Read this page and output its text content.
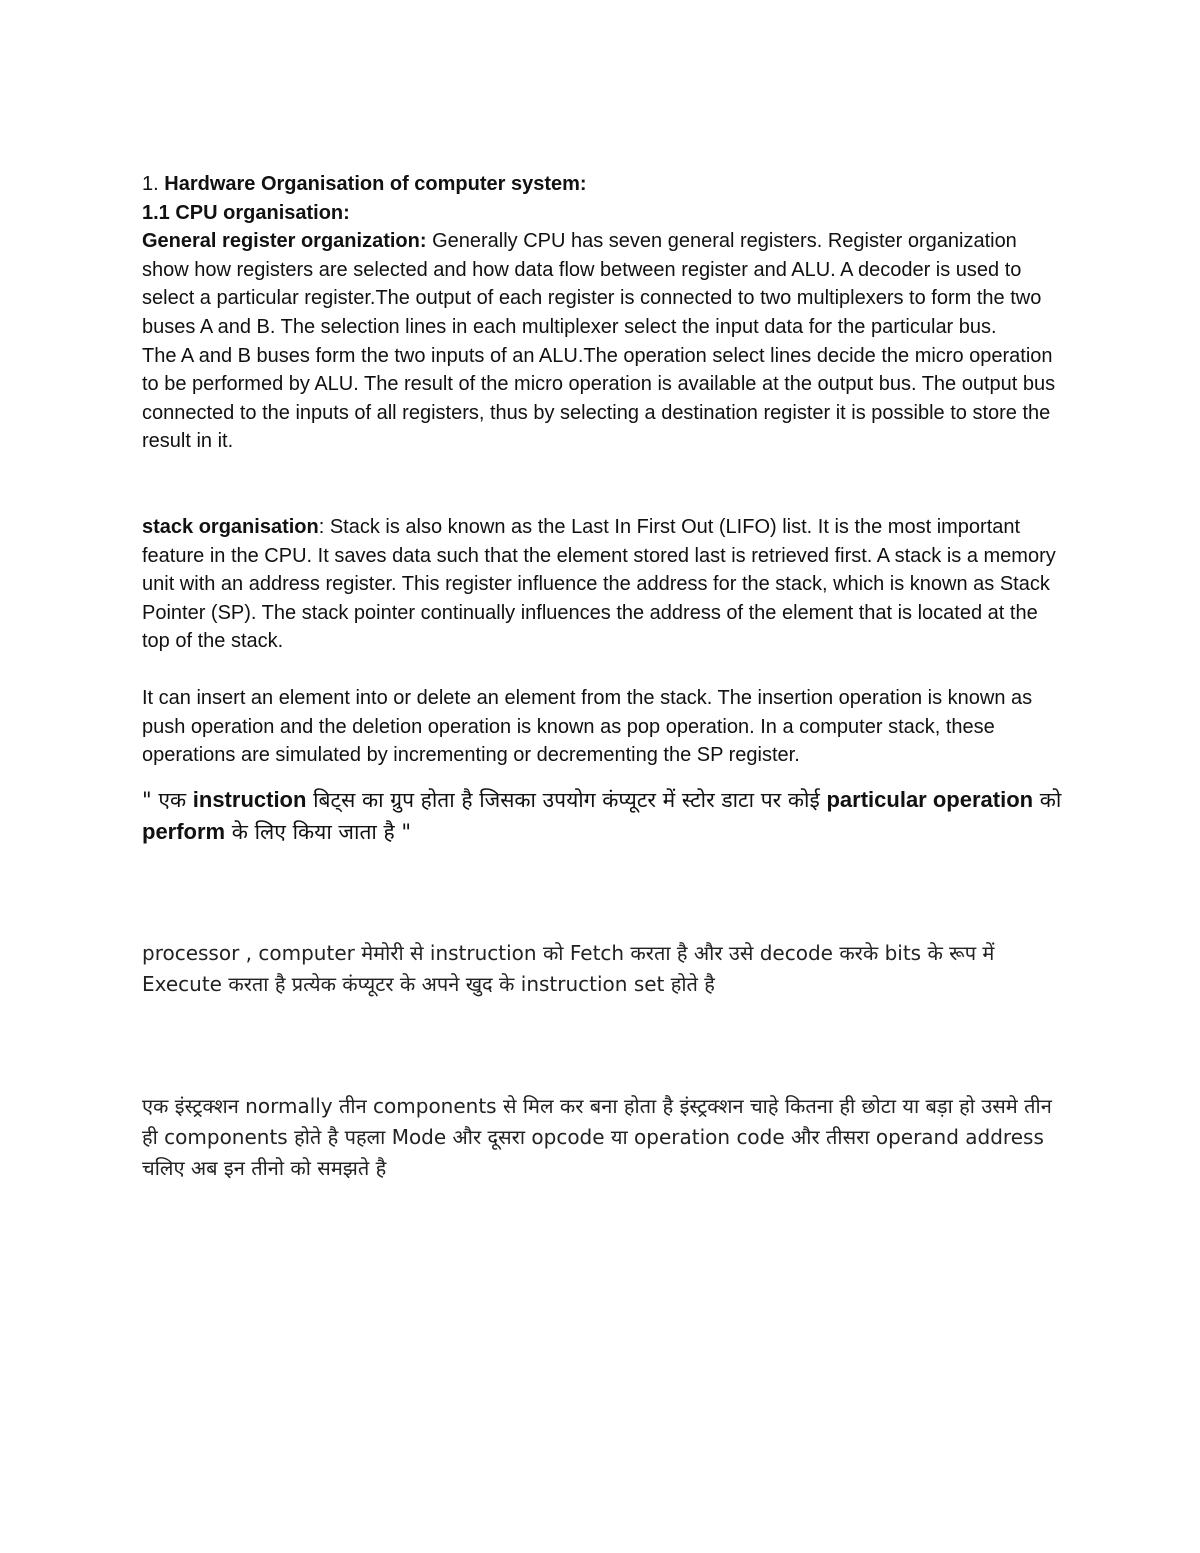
1. Hardware Organisation of computer system:

1.1 CPU organisation:

General register organization: Generally CPU has seven general registers. Register organization show how registers are selected and how data flow between register and ALU. A decoder is used to select a particular register.The output of each register is connected to two multiplexers to form the two buses A and B. The selection lines in each multiplexer select the input data for the particular bus.

The A and B buses form the two inputs of an ALU.The operation select lines decide the micro operation to be performed by ALU. The result of the micro operation is available at the output bus. The output bus connected to the inputs of all registers, thus by selecting a destination register it is possible to store the result in it.

stack organisation: Stack is also known as the Last In First Out (LIFO) list. It is the most important feature in the CPU. It saves data such that the element stored last is retrieved first. A stack is a memory unit with an address register. This register influence the address for the stack, which is known as Stack Pointer (SP). The stack pointer continually influences the address of the element that is located at the top of the stack.

It can insert an element into or delete an element from the stack. The insertion operation is known as push operation and the deletion operation is known as pop operation. In a computer stack, these operations are simulated by incrementing or decrementing the SP register.

" एक instruction बिट्स का ग्रुप होता है जिसका उपयोग कंप्यूटर में स्टोर डाटा पर कोई particular operation को perform के लिए किया जाता है "

processor , computer मेमोरी से instruction को Fetch करता है और उसे decode करके bits के रूप में Execute करता है प्रत्येक कंप्यूटर के अपने खुद के instruction set होते है

एक इंस्ट्रक्शन normally तीन components से मिल कर बना होता है इंस्ट्रक्शन चाहे कितना ही छोटा या बड़ा हो उसमे तीन ही components होते है पहला Mode और दूसरा opcode या operation code और तीसरा operand address चलिए अब इन तीनो को समझते है
